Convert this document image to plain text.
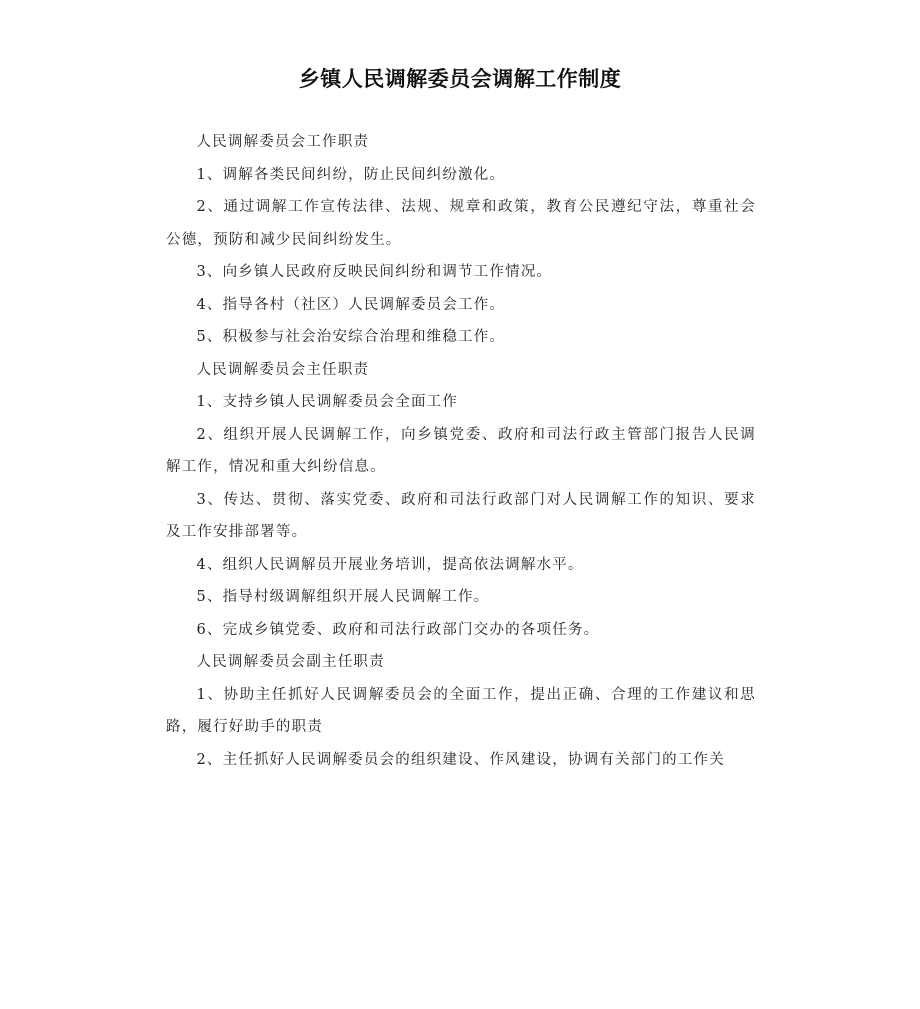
乡镇人民调解委员会调解工作制度

人民调解委员会工作职责

1、调解各类民间纠纷，防止民间纠纷激化。

2、通过调解工作宣传法律、法规、规章和政策，教育公民遵纪守法，尊重社会公德，预防和减少民间纠纷发生。

3、向乡镇人民政府反映民间纠纷和调节工作情况。

4、指导各村（社区）人民调解委员会工作。

5、积极参与社会治安综合治理和维稳工作。

人民调解委员会主任职责

1、支持乡镇人民调解委员会全面工作

2、组织开展人民调解工作，向乡镇党委、政府和司法行政主管部门报告人民调解工作，情况和重大纠纷信息。

3、传达、贯彻、落实党委、政府和司法行政部门对人民调解工作的知识、要求及工作安排部署等。

4、组织人民调解员开展业务培训，提高依法调解水平。

5、指导村级调解组织开展人民调解工作。

6、完成乡镇党委、政府和司法行政部门交办的各项任务。

人民调解委员会副主任职责

1、协助主任抓好人民调解委员会的全面工作，提出正确、合理的工作建议和思路，履行好助手的职责

2、主任抓好人民调解委员会的组织建设、作风建设，协调有关部门的工作关
